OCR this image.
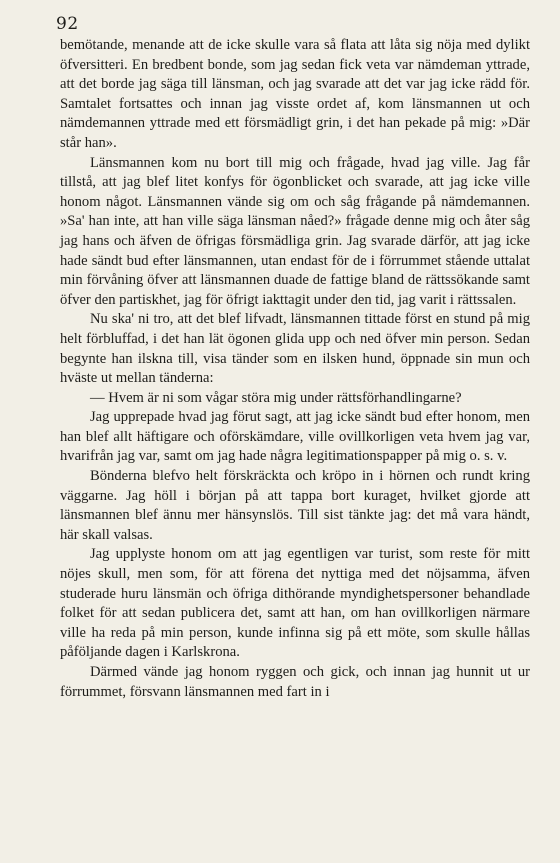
92

bemötande, menande att de icke skulle vara så flata att låta sig nöja med dylikt öfversitteri. En bredbent bonde, som jag sedan fick veta var nämdeman yttrade, att det borde jag säga till länsman, och jag svarade att det var jag icke rädd för. Samtalet fortsattes och innan jag visste ordet af, kom länsmannen ut och nämdemannen yttrade med ett försmädligt grin, i det han pekade på mig: »Där står han».

Länsmannen kom nu bort till mig och frågade, hvad jag ville. Jag får tillstå, att jag blef litet konfys för ögonblicket och svarade, att jag icke ville honom något. Länsmannen vände sig om och såg frågande på nämdemannen. »Sa' han inte, att han ville säga länsman nåed?» frågade denne mig och åter såg jag hans och äfven de öfrigas försmädliga grin. Jag svarade därför, att jag icke hade sändt bud efter länsmannen, utan endast för de i förrummet stående uttalat min förvåning öfver att länsmannen duade de fattige bland de rättssökande samt öfver den partiskhet, jag för öfrigt iakttagit under den tid, jag varit i rättssalen.

Nu ska' ni tro, att det blef lifvadt, länsmannen tittade först en stund på mig helt förbluffad, i det han lät ögonen glida upp och ned öfver min person. Sedan begynte han ilskna till, visa tänder som en ilsken hund, öppnade sin mun och hväste ut mellan tänderna:

— Hvem är ni som vågar störa mig under rättsförhandlingarne?

Jag upprepade hvad jag förut sagt, att jag icke sändt bud efter honom, men han blef allt häftigare och oförskämdare, ville ovillkorligen veta hvem jag var, hvarifrån jag var, samt om jag hade några legitimationspapper på mig o. s. v.

Bönderna blefvo helt förskräckta och kröpo in i hörnen och rundt kring väggarne. Jag höll i början på att tappa bort kuraget, hvilket gjorde att länsmannen blef ännu mer hänsynslös. Till sist tänkte jag: det må vara händt, här skall valsas.

Jag upplyste honom om att jag egentligen var turist, som reste för mitt nöjes skull, men som, för att förena det nyttiga med det nöjsamma, äfven studerade huru länsmän och öfriga dithörande myndighetspersoner behandlade folket för att sedan publicera det, samt att han, om han ovillkorligen närmare ville ha reda på min person, kunde infinna sig på ett möte, som skulle hållas påföljande dagen i Karlskrona.

Därmed vände jag honom ryggen och gick, och innan jag hunnit ut ur förrummet, försvann länsmannen med fart in i
